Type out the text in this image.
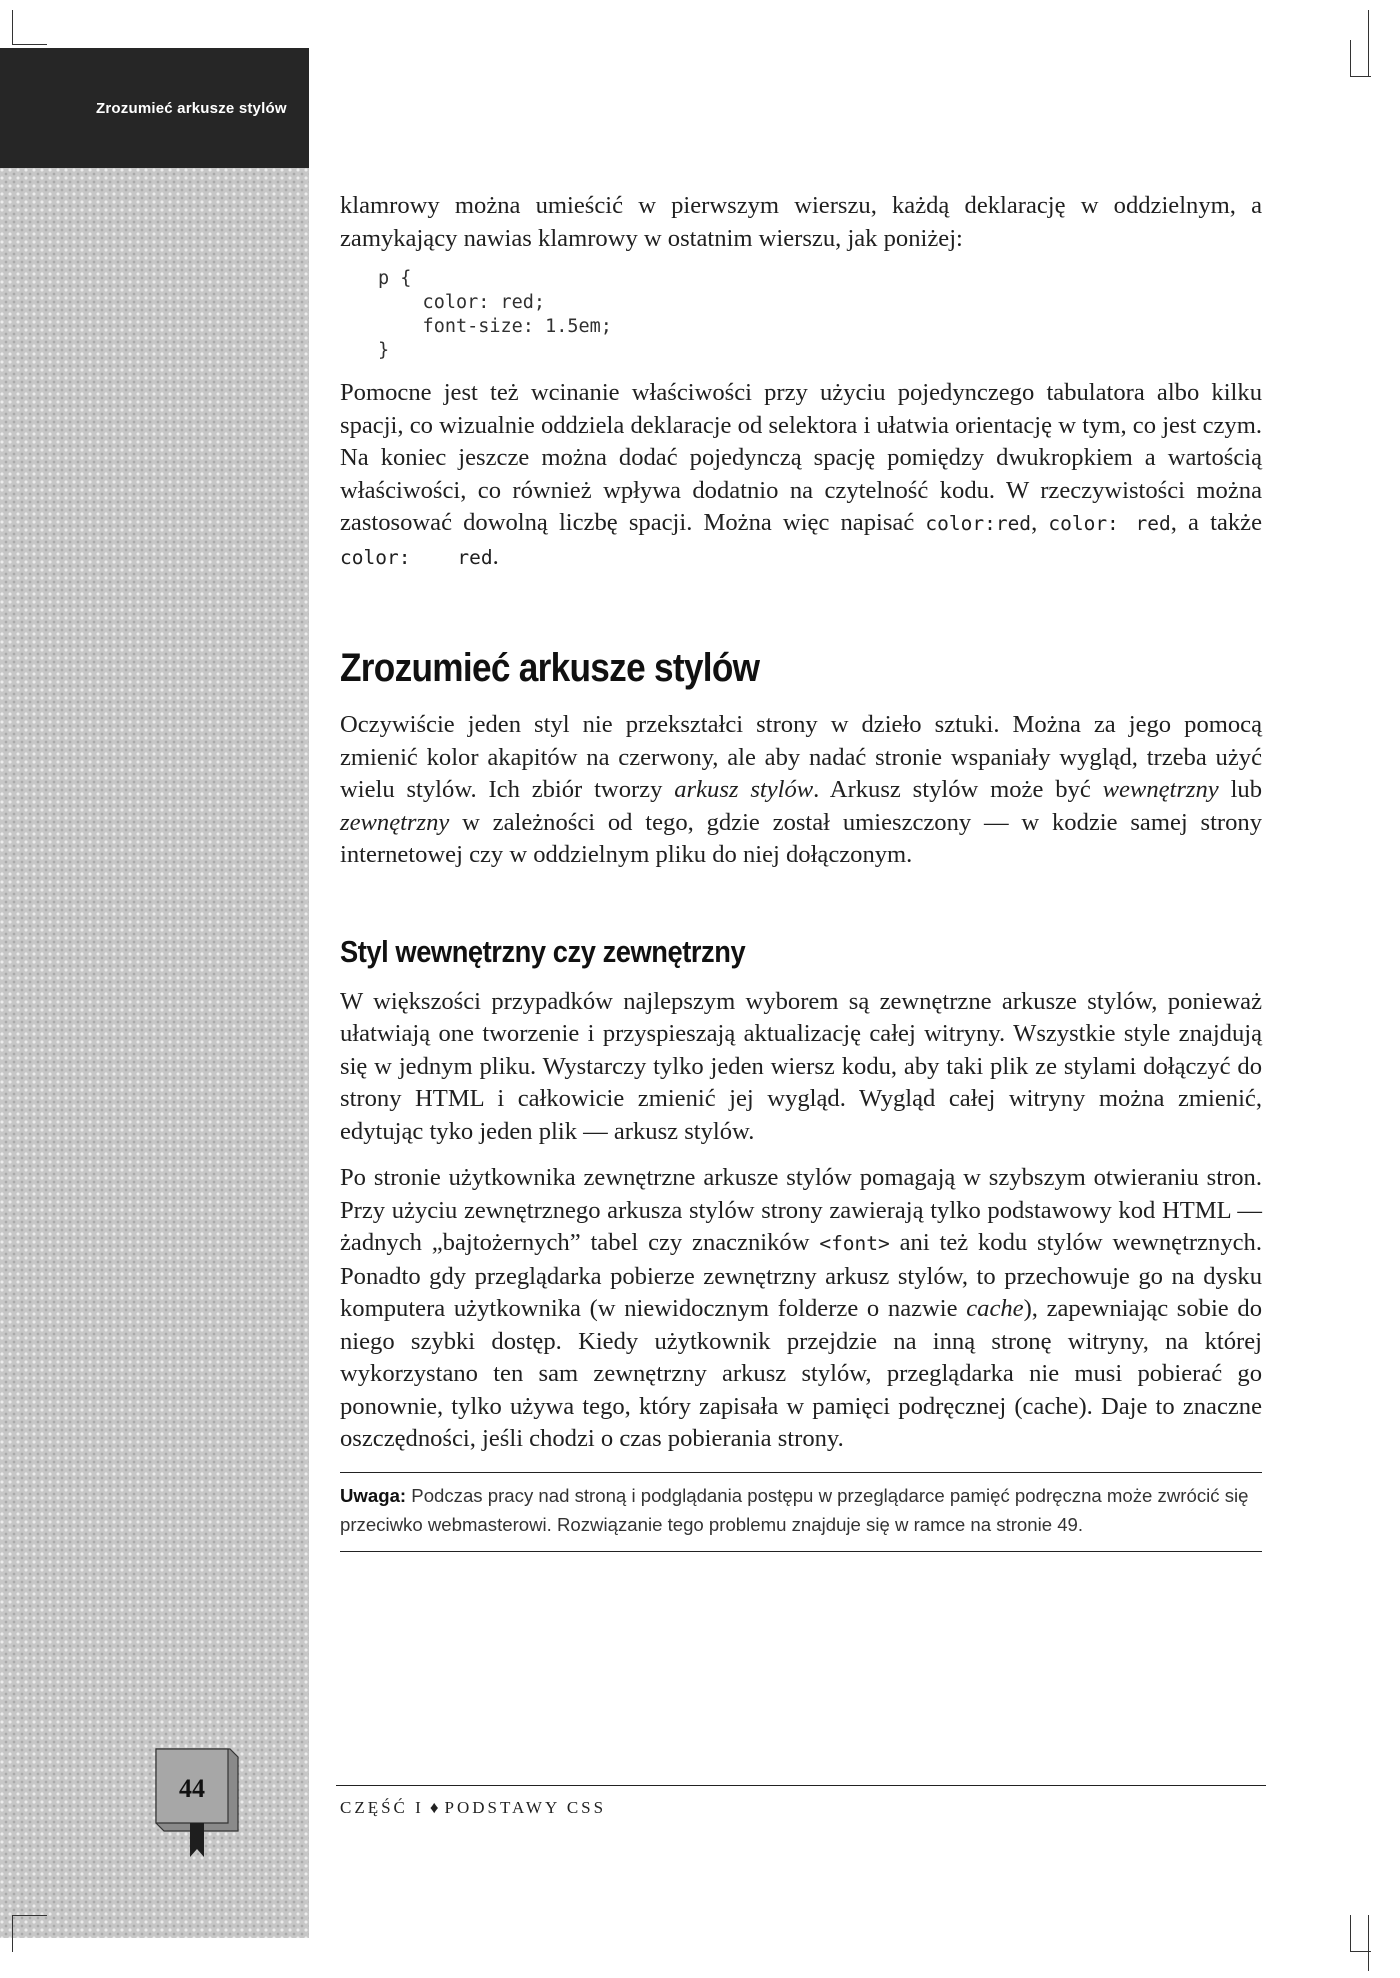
Zrozumieć arkusze stylów

klamrowy można umieścić w pierwszym wierszu, każdą deklarację w oddzielnym, a zamykający nawias klamrowy w ostatnim wierszu, jak poniżej:

p {
color: red;
font-size: 1.5em;
}

Pomocne jest też wcinanie właściwości przy użyciu pojedynczego tabulatora albo kilku spacji, co wizualnie oddziela deklaracje od selektora i ułatwia orientację w tym, co jest czym. Na koniec jeszcze można dodać pojedynczą spację pomiędzy dwukropkiem a wartością właściwości, co również wpływa dodatnio na czytelność kodu. W rzeczywistości można zastosować dowolną liczbę spacji. Można więc napisać color:red, color: red, a także color:    red.

Zrozumieć arkusze stylów

Oczywiście jeden styl nie przekształci strony w dzieło sztuki. Można za jego pomocą zmienić kolor akapitów na czerwony, ale aby nadać stronie wspaniały wygląd, trzeba użyć wielu stylów. Ich zbiór tworzy arkusz stylów. Arkusz stylów może być wewnętrzny lub zewnętrzny w zależności od tego, gdzie został umieszczony — w kodzie samej strony internetowej czy w oddzielnym pliku do niej dołączonym.

Styl wewnętrzny czy zewnętrzny

W większości przypadków najlepszym wyborem są zewnętrzne arkusze stylów, ponieważ ułatwiają one tworzenie i przyspieszają aktualizację całej witryny. Wszystkie style znajdują się w jednym pliku. Wystarczy tylko jeden wiersz kodu, aby taki plik ze stylami dołączyć do strony HTML i całkowicie zmienić jej wygląd. Wygląd całej witryny można zmienić, edytując tyko jeden plik — arkusz stylów.

Po stronie użytkownika zewnętrzne arkusze stylów pomagają w szybszym otwieraniu stron. Przy użyciu zewnętrznego arkusza stylów strony zawierają tylko podstawowy kod HTML — żadnych „bajtożernych” tabel czy znaczników <font> ani też kodu stylów wewnętrznych. Ponadto gdy przeglądarka pobierze zewnętrzny arkusz stylów, to przechowuje go na dysku komputera użytkownika (w niewidocznym folderze o nazwie cache), zapewniając sobie do niego szybki dostęp. Kiedy użytkownik przejdzie na inną stronę witryny, na której wykorzystano ten sam zewnętrzny arkusz stylów, przeglądarka nie musi pobierać go ponownie, tylko używa tego, który zapisała w pamięci podręcznej (cache). Daje to znaczne oszczędności, jeśli chodzi o czas pobierania strony.

Uwaga: Podczas pracy nad stroną i podglądania postępu w przeglądarce pamięć podręczna może zwrócić się przeciwko webmasterowi. Rozwiązanie tego problemu znajduje się w ramce na stronie 49.
CZĘŚĆ I ♦ PODSTAWY CSS
44
